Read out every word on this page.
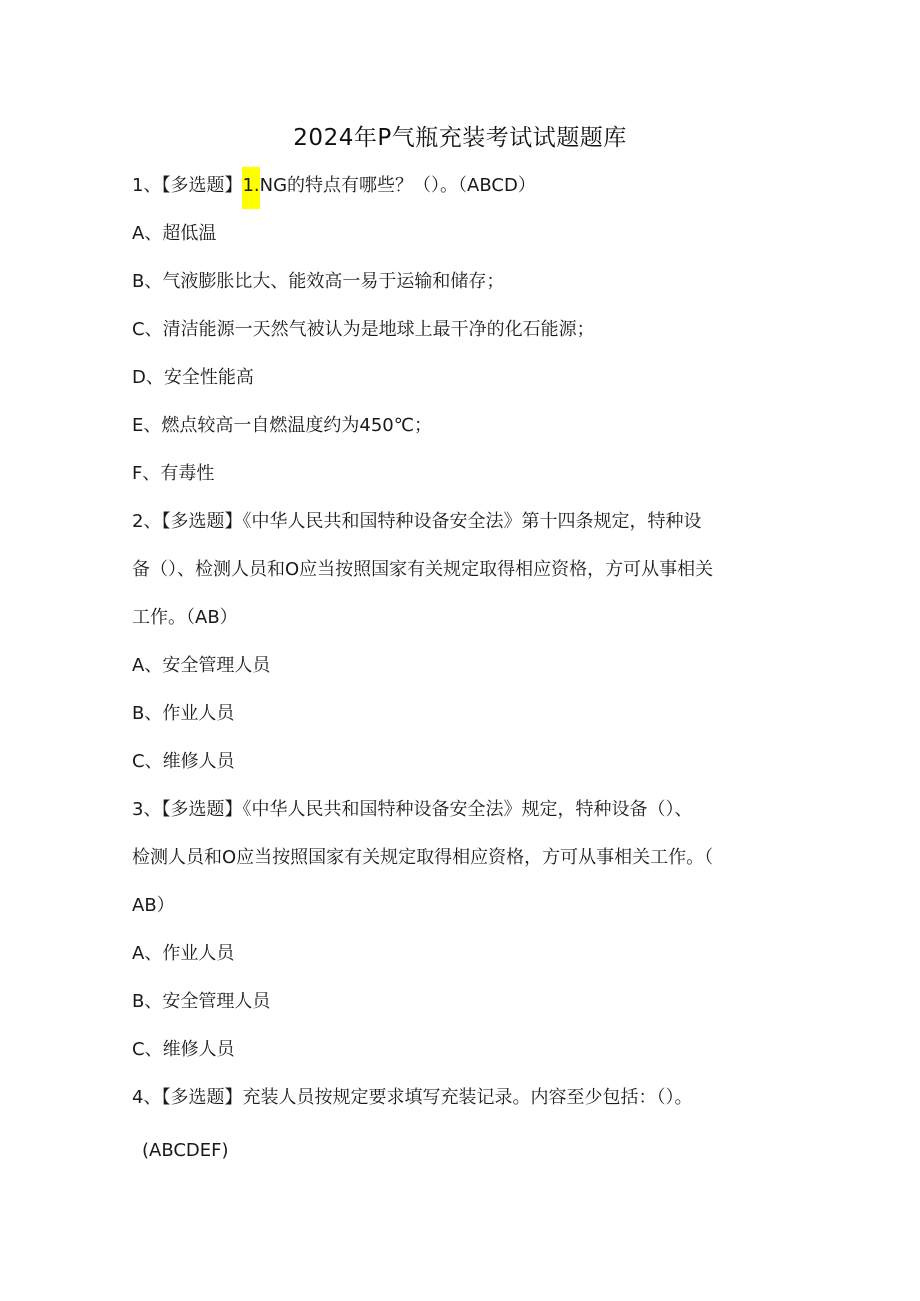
2024年P气瓶充装考试试题题库
1、【多选题】1.NG的特点有哪些？（）。（ABCD）
A、超低温
B、气液膨胀比大、能效高一易于运输和储存；
C、清洁能源一天然气被认为是地球上最干净的化石能源；
D、安全性能高
E、燃点较高一自燃温度约为450℃；
F、有毒性
2、【多选题】《中华人民共和国特种设备安全法》第十四条规定，特种设
备（）、检测人员和O应当按照国家有关规定取得相应资格，方可从事相关
工作。（AB）
A、安全管理人员
B、作业人员
C、维修人员
3、【多选题】《中华人民共和国特种设备安全法》规定，特种设备（）、
检测人员和O应当按照国家有关规定取得相应资格，方可从事相关工作。（
AB）
A、作业人员
B、安全管理人员
C、维修人员
4、【多选题】充装人员按规定要求填写充装记录。内容至少包括：（）。
(ABCDEF)
